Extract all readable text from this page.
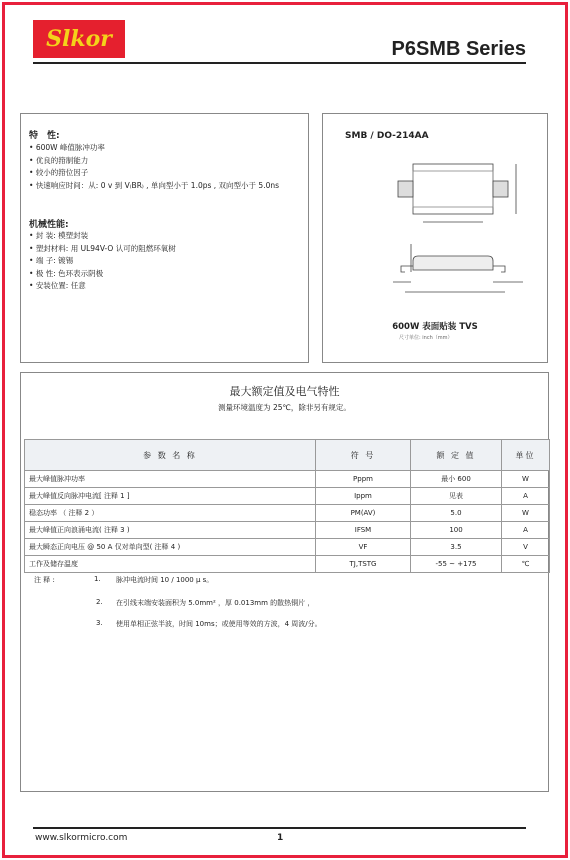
Slkor	P6SMB Series
特　性:
• 600W 峰值脉冲功率
• 优良的箝制能力
• 较小的箝位因子
• 快速响应时间：从: 0 v 到 V₍BR₎ , 单向型小于 1.0ps , 双向型小于 5.0ns
机械性能:
• 封 装: 模塑封装
• 塑封材料: 用 UL94V-O 认可的阻燃环氧树
• 端 子: 镀锡
• 极 性: 色环表示阴极
• 安装位置: 任意
SMB / DO-214AA
600W 表面贴装 TVS
尺寸单位: inch（mm）
最大额定值及电气特性
测量环境温度为 25℃，除非另有规定。
参 数 名 称	符 号	额 定 值	单位
最大峰值脉冲功率	Pppm	最小 600	W
最大峰值反向脉冲电流[ 注释 1 ]	Ippm	见表	A
稳态功率 （ 注释 2 ）	PM(AV)	5.0	W
最大峰值正向浪涌电流( 注释 3 )	IFSM	100	A
最大瞬态正向电压 @ 50 A 仅对单向型( 注释 4 )	VF	3.5	V
工作及储存温度	TJ,TSTG	-55 ~ +175	℃
注 释 :	1. 脉冲电流时间 10 / 1000 μ s。
2. 在引线末端安装面积为 5.0mm² ，厚 0.013mm 的散热铜片 ，
3. 使用单相正弦半波，时间 10ms；或使用等效的方波，4 周波/分。
www.slkormicro.com	1
